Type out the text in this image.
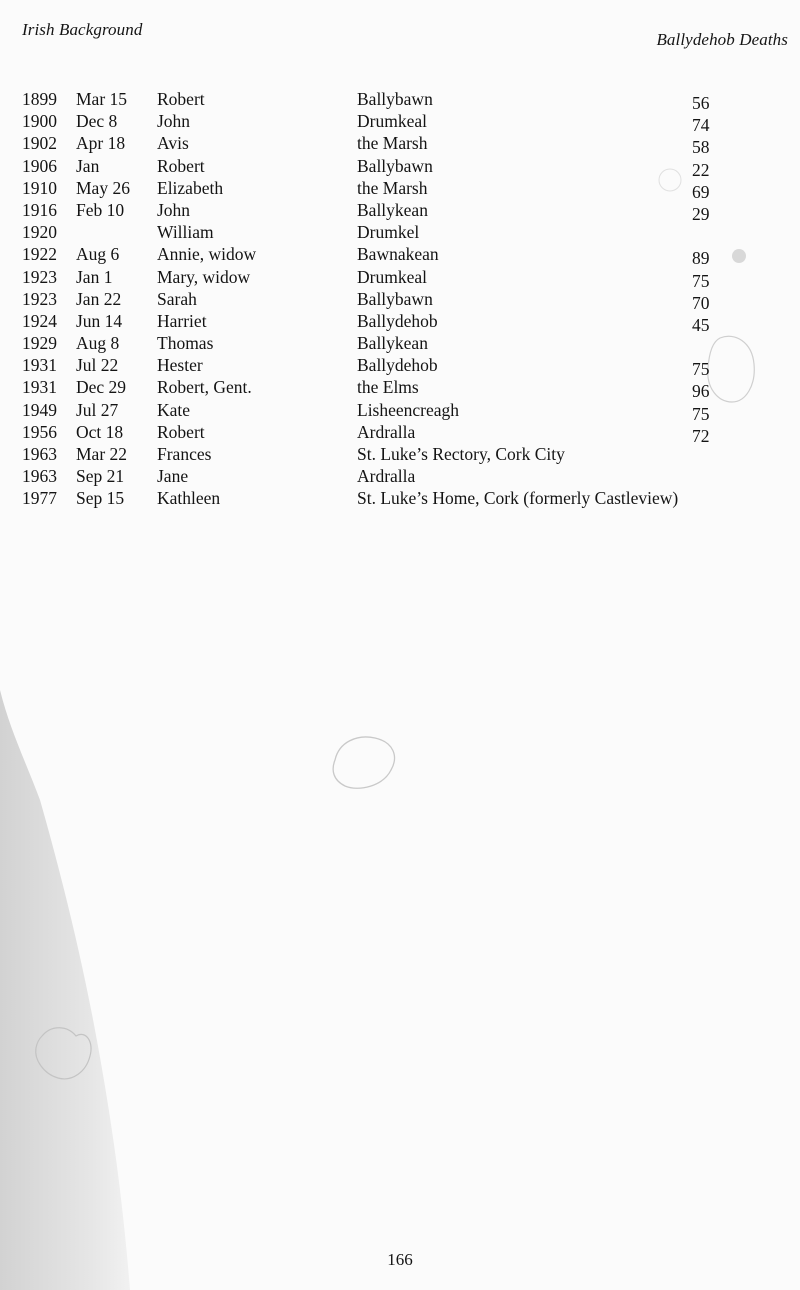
Irish Background
Ballydehob Deaths
1899 Mar 15 Robert	Ballybawn	56
1900 Dec 8 John	Drumkeal	74
1902 Apr 18 Avis	the Marsh	58
1906 Jan	Robert	Ballybawn	22
1910 May 26 Elizabeth	the Marsh	69
1916 Feb 10 John	Ballykean	29
1920	William	Drumkel
1922 Aug 6 Annie, widow	Bawnakean	89
1923 Jan 1	Mary, widow	Drumkeal	75
1923 Jan 22 Sarah	Ballybawn	70
1924 Jun 14 Harriet	Ballydehob	45
1929 Aug 8 Thomas	Ballykean
1931 Jul 22 Hester	Ballydehob	75
1931 Dec 29 Robert, Gent.	the Elms	96
1949 Jul 27 Kate	Lisheencreagh	75
1956 Oct 18 Robert	Ardralla	72
1963 Mar 22 Frances	St. Luke’s Rectory, Cork City
1963 Sep 21 Jane	Ardralla
1977 Sep 15 Kathleen	St. Luke’s Home, Cork (formerly Castleview)
166
